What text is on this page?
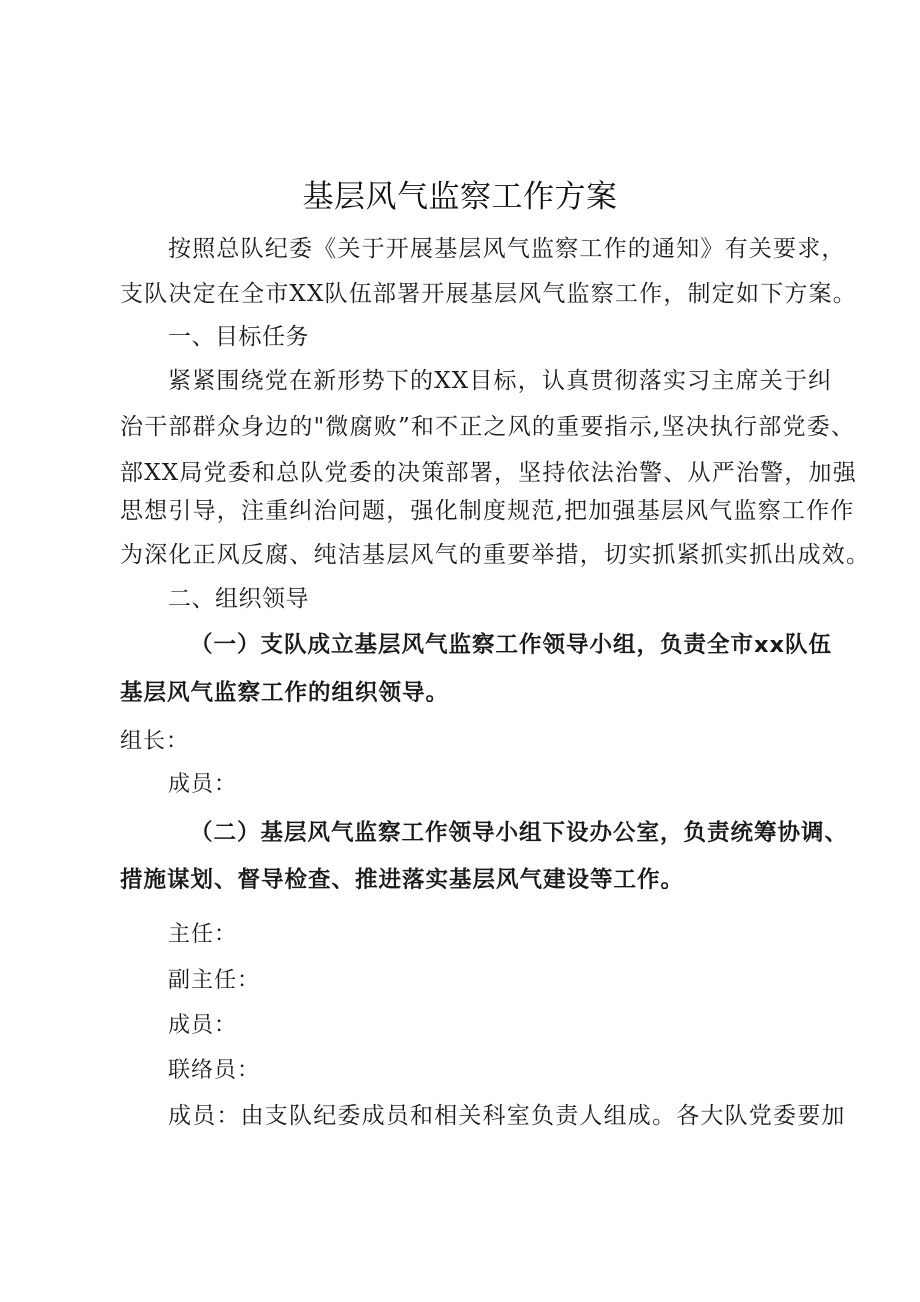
基层风气监察工作方案
按照总队纪委《关于开展基层风气监察工作的通知》有关要求，
支队决定在全市XX队伍部署开展基层风气监察工作，制定如下方案。
一、目标任务
紧紧围绕党在新形势下的XX目标，认真贯彻落实习主席关于纠
治干部群众身边的"微腐败”和不正之风的重要指示,坚决执行部党委、
部XX局党委和总队党委的决策部署，坚持依法治警、从严治警，加强
思想引导，注重纠治问题，强化制度规范,把加强基层风气监察工作作
为深化正风反腐、纯洁基层风气的重要举措，切实抓紧抓实抓出成效。
二、组织领导
（一）支队成立基层风气监察工作领导小组，负责全市xx队伍
基层风气监察工作的组织领导。
组长：
成员：
（二）基层风气监察工作领导小组下设办公室，负责统筹协调、
措施谋划、督导检查、推进落实基层风气建设等工作。
主任：
副主任：
成员：
联络员：
成员：由支队纪委成员和相关科室负责人组成。各大队党委要加
